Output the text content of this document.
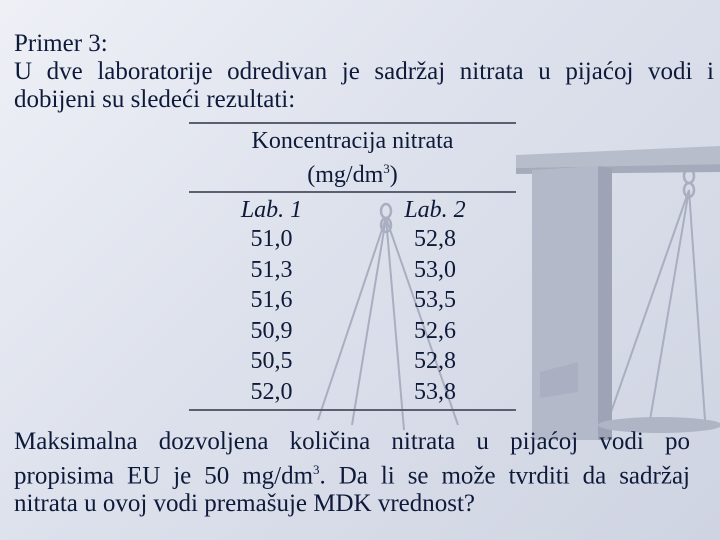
Primer 3:
U dve laboratorije odredivan je sadržaj nitrata u pijaćoj vodi i
dobijeni su sledeći rezultati:
Koncentracija nitrata
$(mg/dm^3)$
Lab. 1	Lab. 2
51,0	52,8
51,3	53,0
51,6	53,5
50,9	52,6
50,5	52,8
52,0	53,8
Maksimalna dozvoljena količina nitrata u pijaćoj vodi po
propisima EU je 50 $mg/dm^3$. Da li se može tvrditi da sadržaj
nitrata u ovoj vodi premašuje MDK vrednost?
